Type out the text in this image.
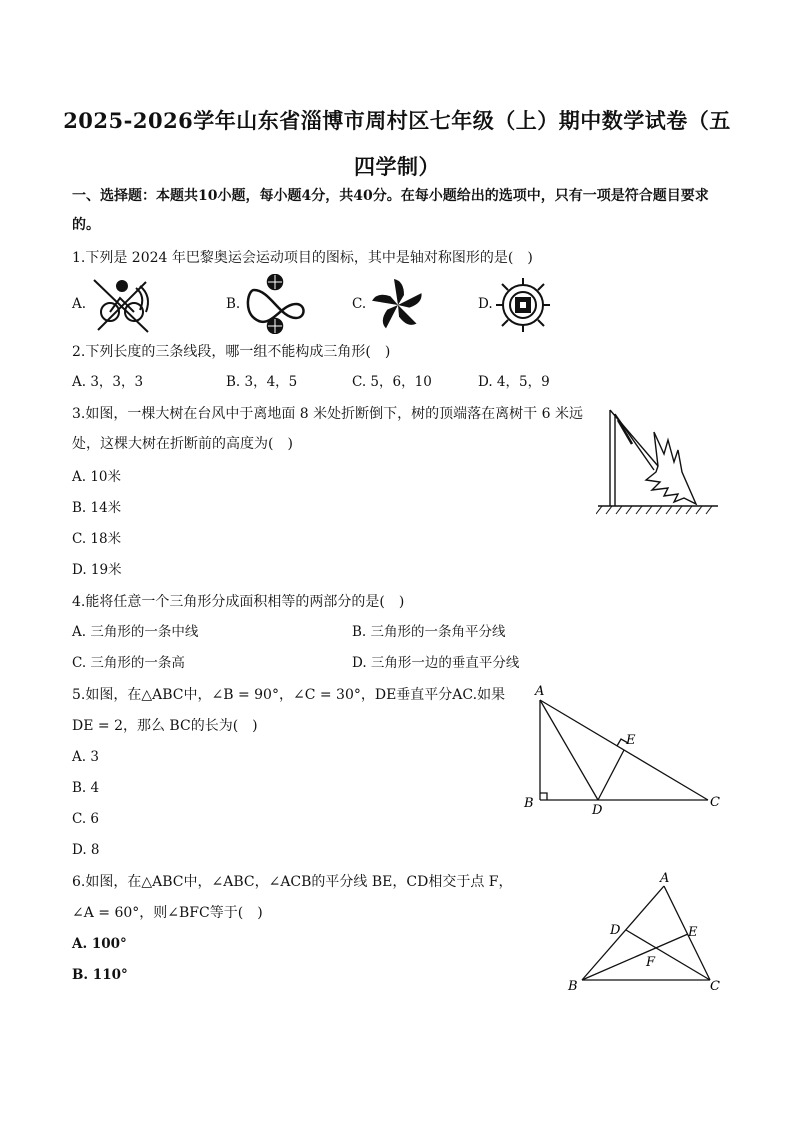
2025-2026学年山东省淄博市周村区七年级（上）期中数学试卷（五
四学制）
一、选择题：本题共10小题，每小题4分，共40分。在每小题给出的选项中，只有一项是符合题目要求
的。
1.下列是 2024 年巴黎奥运会运动项目的图标，其中是轴对称图形的是(　)
A.	B.	C.	D.
2.下列长度的三条线段，哪一组不能构成三角形(　)
A. 3，3，3	B. 3，4，5	C. 5，6，10	D. 4，5，9
3.如图，一棵大树在台风中于离地面 8 米处折断倒下，树的顶端落在离树干 6 米远
处，这棵大树在折断前的高度为(　)
A. 10米
B. 14米
C. 18米
D. 19米
4.能将任意一个三角形分成面积相等的两部分的是(　)
A. 三角形的一条中线	B. 三角形的一条角平分线
C. 三角形的一条高	D. 三角形一边的垂直平分线
5.如图，在△ABC中，∠B = 90°，∠C = 30°，DE垂直平分AC.如果
DE = 2，那么 BC的长为(　)
A. 3
B. 4
C. 6
D. 8
A
B	C
D
E
6.如图，在△ABC中，∠ABC，∠ACB的平分线 BE，CD相交于点 F，
∠A = 60°，则∠BFC等于(　)
A. 100°
B. 110°
A
B	C
D	E
F
